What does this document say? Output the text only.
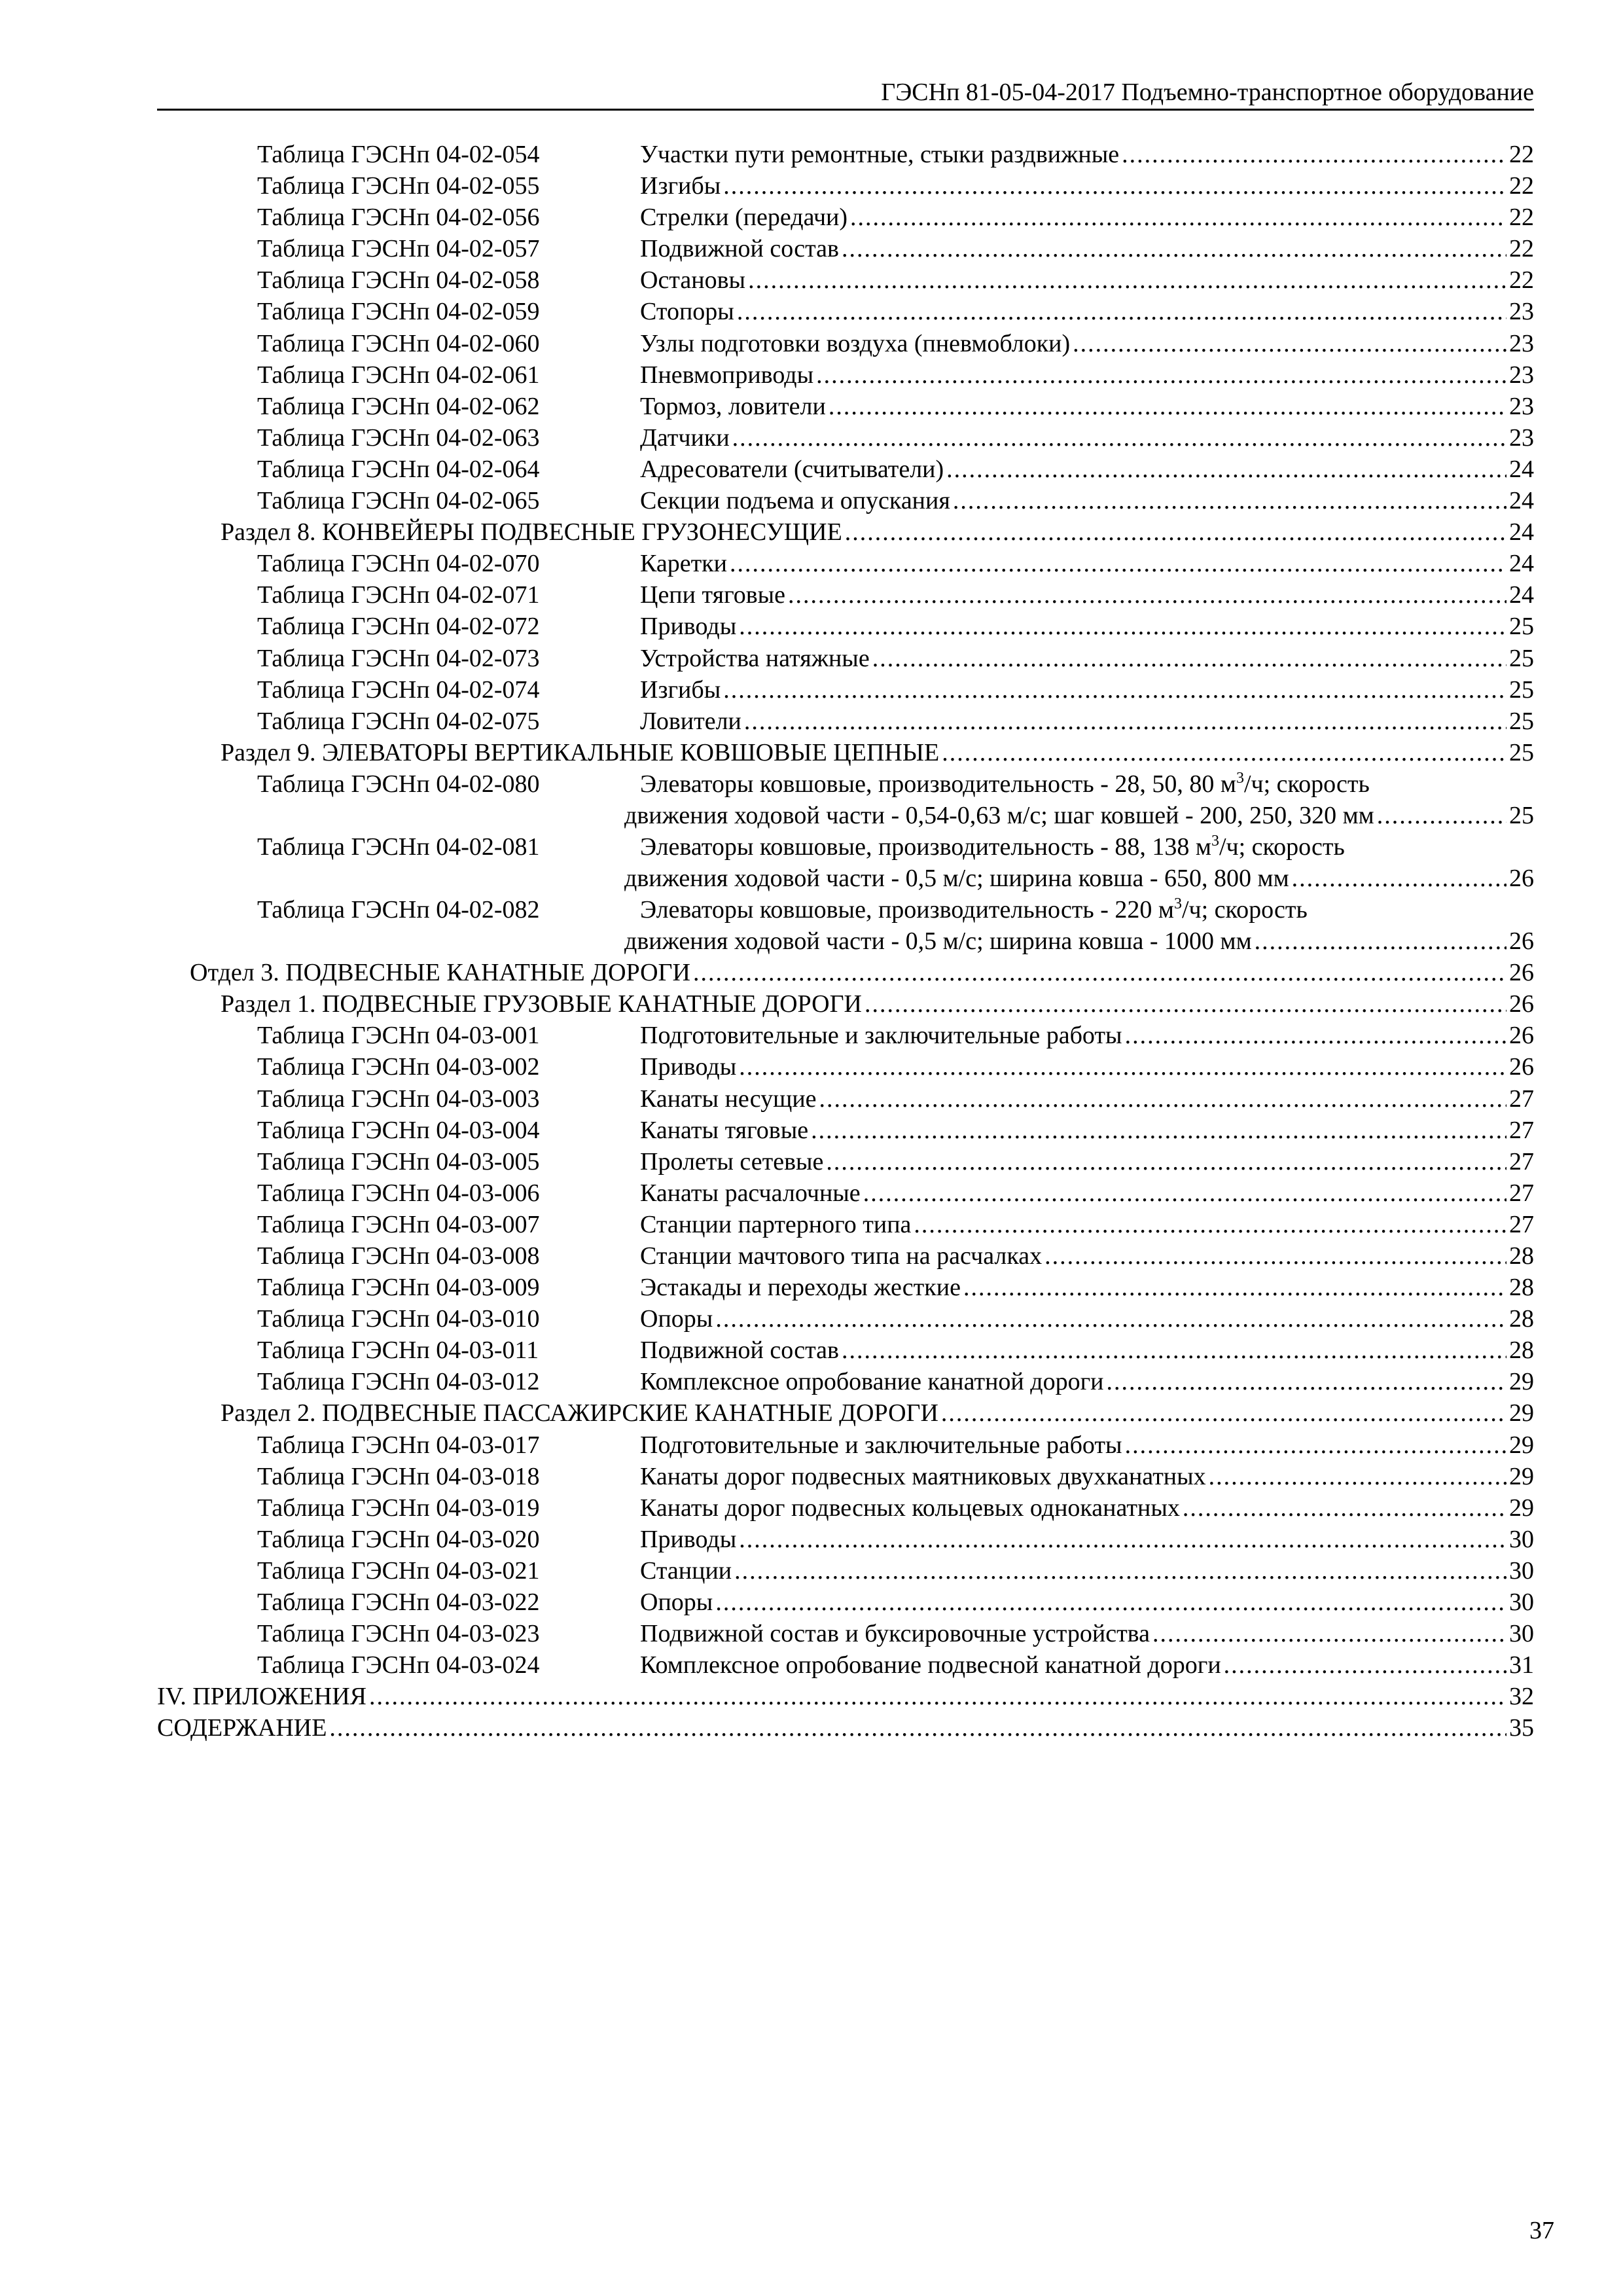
ГЭСНп 81-05-04-2017 Подъемно-транспортное оборудование
Таблица ГЭСНп 04-02-054	Участки пути ремонтные, стыки раздвижные .....	22
Таблица ГЭСНп 04-02-055	Изгибы .....	22
Таблица ГЭСНп 04-02-056	Стрелки (передачи) .....	22
Таблица ГЭСНп 04-02-057	Подвижной состав .....	22
Таблица ГЭСНп 04-02-058	Остановы .....	22
Таблица ГЭСНп 04-02-059	Стопоры .....	23
Таблица ГЭСНп 04-02-060	Узлы подготовки воздуха (пневмоблоки) .....	23
Таблица ГЭСНп 04-02-061	Пневмоприводы .....	23
Таблица ГЭСНп 04-02-062	Тормоз, ловители .....	23
Таблица ГЭСНп 04-02-063	Датчики .....	23
Таблица ГЭСНп 04-02-064	Адресователи (считыватели) .....	24
Таблица ГЭСНп 04-02-065	Секции подъема и опускания .....	24
Раздел 8. КОНВЕЙЕРЫ ПОДВЕСНЫЕ ГРУЗОНЕСУЩИЕ .....	24
Таблица ГЭСНп 04-02-070	Каретки .....	24
Таблица ГЭСНп 04-02-071	Цепи тяговые .....	24
Таблица ГЭСНп 04-02-072	Приводы .....	25
Таблица ГЭСНп 04-02-073	Устройства натяжные .....	25
Таблица ГЭСНп 04-02-074	Изгибы .....	25
Таблица ГЭСНп 04-02-075	Ловители .....	25
Раздел 9. ЭЛЕВАТОРЫ ВЕРТИКАЛЬНЫЕ КОВШОВЫЕ ЦЕПНЫЕ .....	25
Таблица ГЭСНп 04-02-080	Элеваторы ковшовые, производительность - 28, 50, 80 $м^3/ч$; скорость
движения ходовой части - 0,54-0,63 м/с; шаг ковшей - 200, 250, 320 мм .....	25
Таблица ГЭСНп 04-02-081	Элеваторы ковшовые, производительность - 88, 138 $м^3/ч$; скорость
движения ходовой части - 0,5 м/с; ширина ковша - 650, 800 мм .....	26
Таблица ГЭСНп 04-02-082	Элеваторы ковшовые, производительность - 220 $м^3/ч$; скорость
движения ходовой части - 0,5 м/с; ширина ковша - 1000 мм .....	26
Отдел 3. ПОДВЕСНЫЕ КАНАТНЫЕ ДОРОГИ .....	26
Раздел 1. ПОДВЕСНЫЕ ГРУЗОВЫЕ КАНАТНЫЕ ДОРОГИ .....	26
Таблица ГЭСНп 04-03-001	Подготовительные и заключительные работы .....	26
Таблица ГЭСНп 04-03-002	Приводы .....	26
Таблица ГЭСНп 04-03-003	Канаты несущие .....	27
Таблица ГЭСНп 04-03-004	Канаты тяговые .....	27
Таблица ГЭСНп 04-03-005	Пролеты сетевые .....	27
Таблица ГЭСНп 04-03-006	Канаты расчалочные .....	27
Таблица ГЭСНп 04-03-007	Станции партерного типа .....	27
Таблица ГЭСНп 04-03-008	Станции мачтового типа на расчалках .....	28
Таблица ГЭСНп 04-03-009	Эстакады и переходы жесткие .....	28
Таблица ГЭСНп 04-03-010	Опоры .....	28
Таблица ГЭСНп 04-03-011	Подвижной состав .....	28
Таблица ГЭСНп 04-03-012	Комплексное опробование канатной дороги .....	29
Раздел 2. ПОДВЕСНЫЕ ПАССАЖИРСКИЕ КАНАТНЫЕ ДОРОГИ .....	29
Таблица ГЭСНп 04-03-017	Подготовительные и заключительные работы .....	29
Таблица ГЭСНп 04-03-018	Канаты дорог подвесных маятниковых двухканатных .....	29
Таблица ГЭСНп 04-03-019	Канаты дорог подвесных кольцевых одноканатных .....	29
Таблица ГЭСНп 04-03-020	Приводы .....	30
Таблица ГЭСНп 04-03-021	Станции .....	30
Таблица ГЭСНп 04-03-022	Опоры .....	30
Таблица ГЭСНп 04-03-023	Подвижной состав и буксировочные устройства .....	30
Таблица ГЭСНп 04-03-024	Комплексное опробование подвесной канатной дороги .....	31
IV. ПРИЛОЖЕНИЯ .....	32
СОДЕРЖАНИЕ .....	35
37
